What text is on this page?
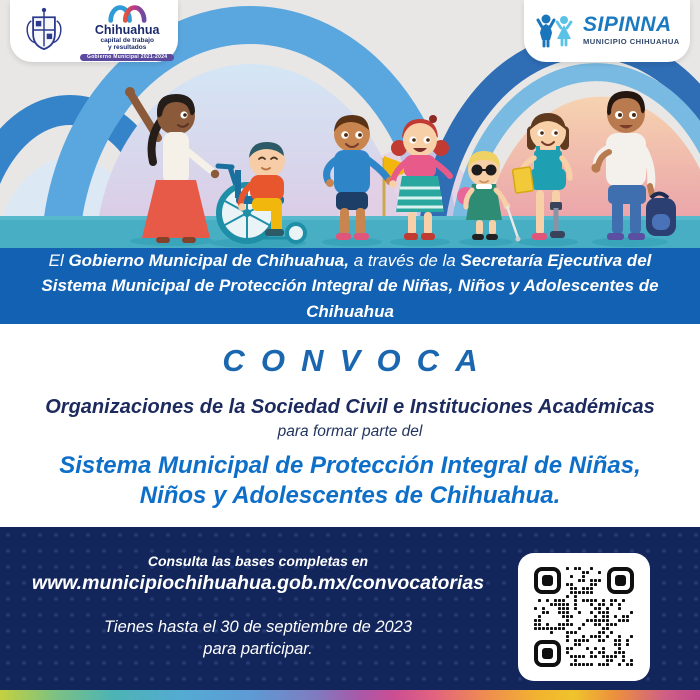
Chihuahua
capital de trabajo
y resultados
Gobierno Municipal 2021-2024
SIPINNA
MUNICIPIO CHIHUAHUA

El Gobierno Municipal de Chihuahua, a través de la Secretaría Ejecutiva del Sistema Municipal de Protección Integral de Niñas, Niños y Adolescentes de Chihuahua

CONVOCA
Organizaciones de la Sociedad Civil e Instituciones Académicas

para formar parte del

Sistema Municipal de Protección Integral de Niñas, Niños y Adolescentes de Chihuahua.

Consulta las bases completas en

www.municipiochihuahua.gob.mx/convocatorias

Tienes hasta el 30 de septiembre de 2023
para participar.
